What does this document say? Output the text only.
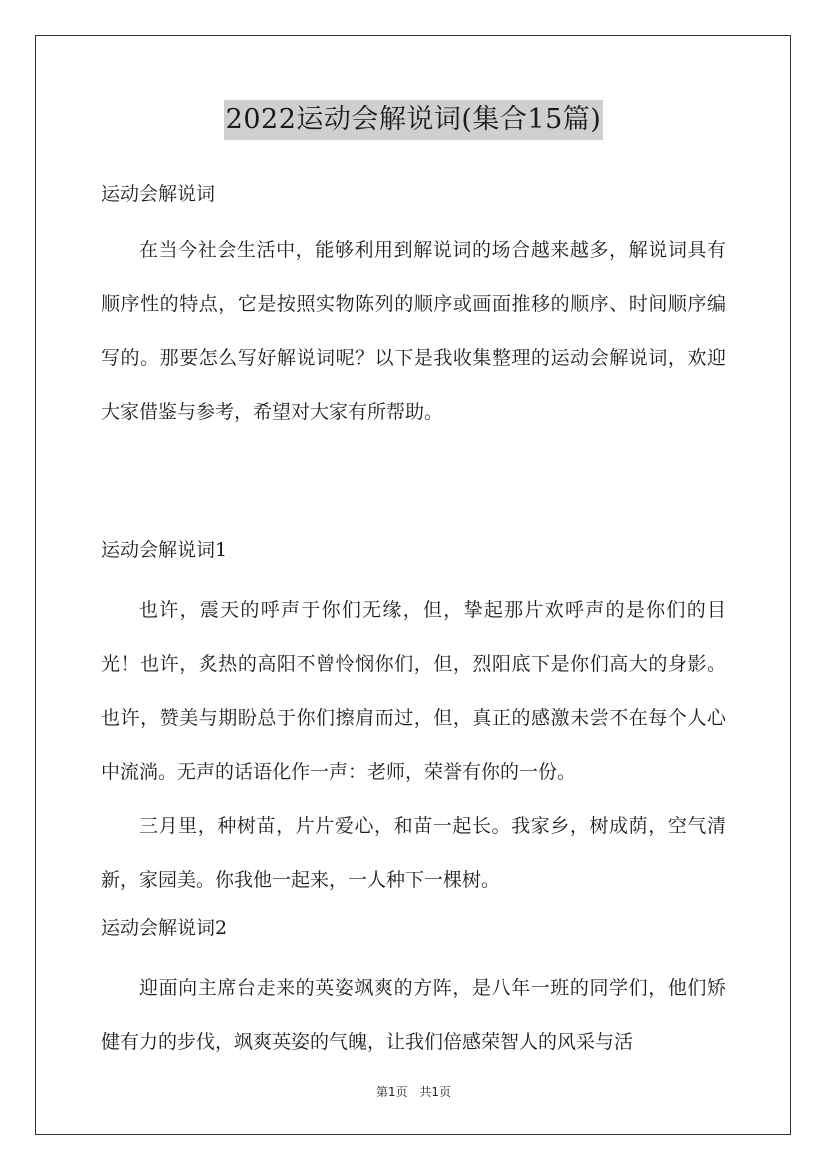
2022运动会解说词(集合15篇)

运动会解说词

在当今社会生活中，能够利用到解说词的场合越来越多，解说词具有顺序性的特点，它是按照实物陈列的顺序或画面推移的顺序、时间顺序编写的。那要怎么写好解说词呢？以下是我收集整理的运动会解说词，欢迎大家借鉴与参考，希望对大家有所帮助。

运动会解说词1

也许，震天的呼声于你们无缘，但，挚起那片欢呼声的是你们的目光！也许，炙热的高阳不曾怜悯你们，但，烈阳底下是你们高大的身影。也许，赞美与期盼总于你们擦肩而过，但，真正的感激未尝不在每个人心中流淌。无声的话语化作一声：老师，荣誉有你的一份。

三月里，种树苗，片片爱心，和苗一起长。我家乡，树成荫，空气清新，家园美。你我他一起来，一人种下一棵树。

运动会解说词2

迎面向主席台走来的英姿飒爽的方阵，是八年一班的同学们，他们矫健有力的步伐，飒爽英姿的气魄，让我们倍感荣智人的风采与活

第1页 共1页
